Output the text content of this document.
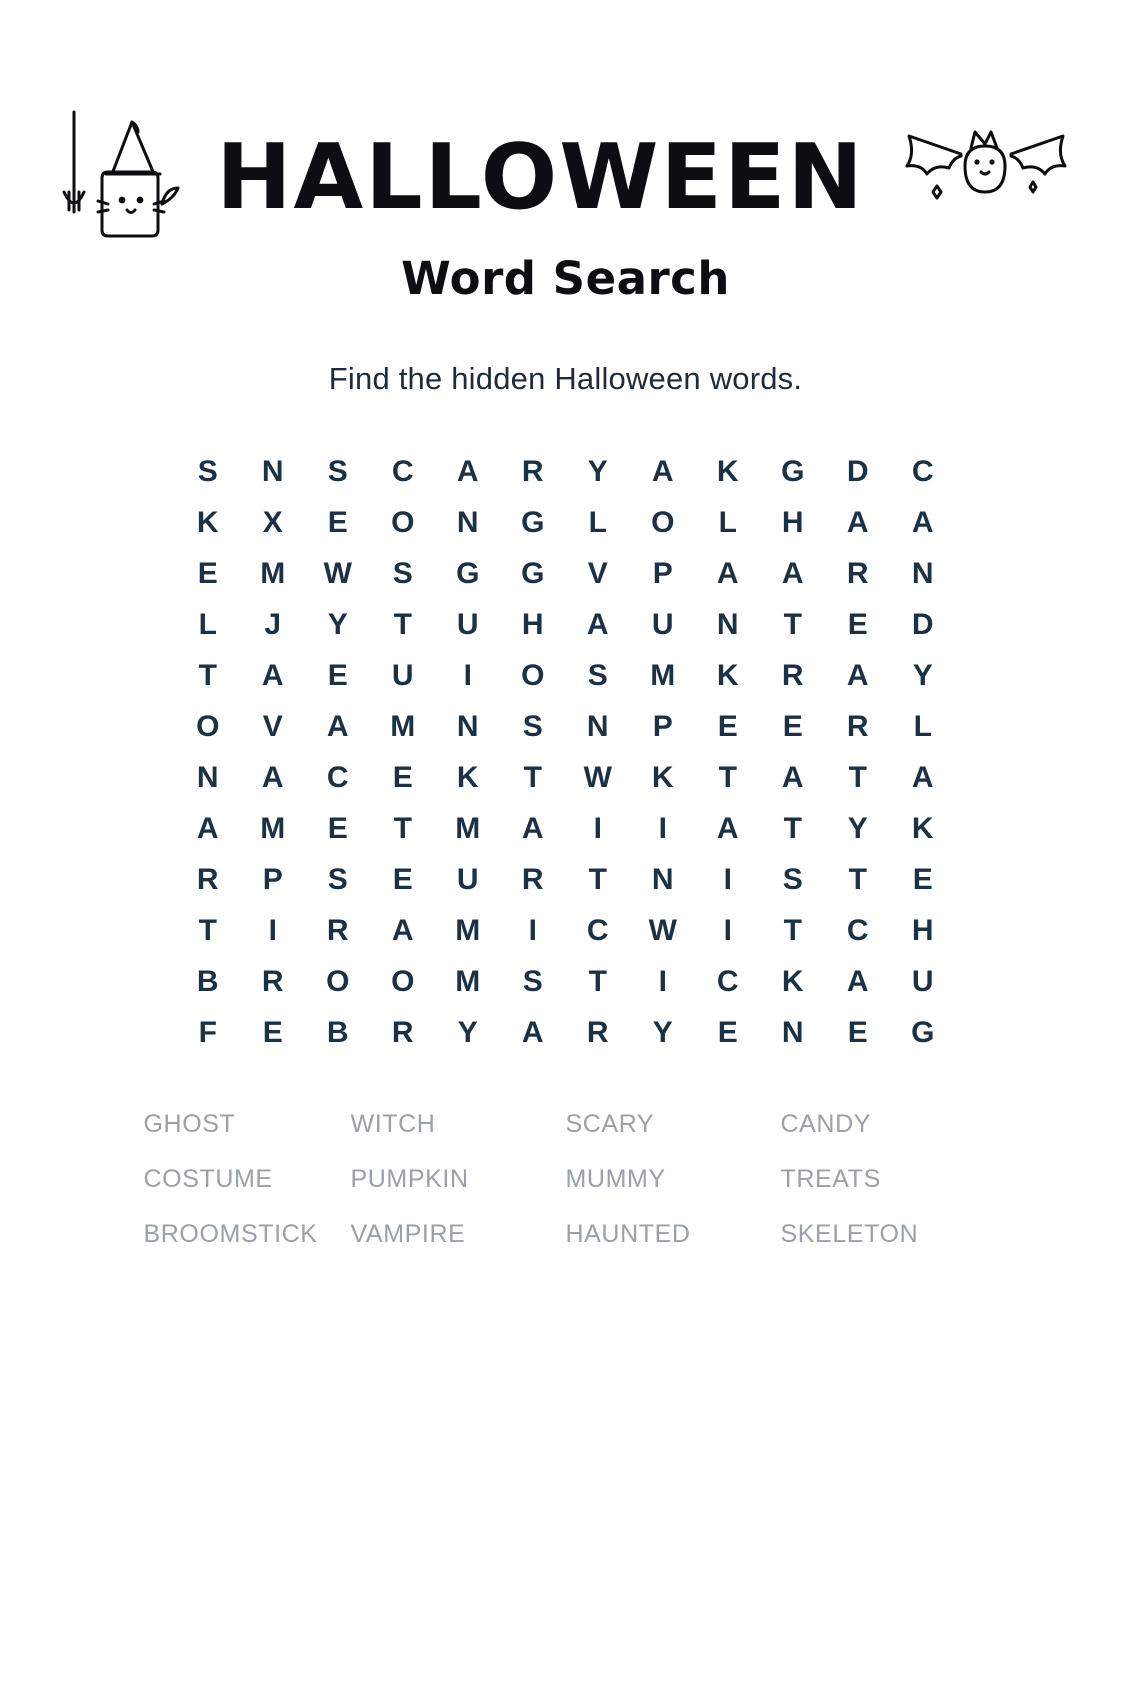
HALLOWEEN
Word Search

Find the hidden Halloween words.

S	N	S	C	A	R	Y	A	K	G	D	C
K	X	E	O	N	G	L	O	L	H	A	A
E	M	W	S	G	G	V	P	A	A	R	N
L	J	Y	T	U	H	A	U	N	T	E	D
T	A	E	U	I	O	S	M	K	R	A	Y
O	V	A	M	N	S	N	P	E	E	R	L
N	A	C	E	K	T	W	K	T	A	T	A
A	M	E	T	M	A	I	I	A	T	Y	K
R	P	S	E	U	R	T	N	I	S	T	E
T	I	R	A	M	I	C	W	I	T	C	H
B	R	O	O	M	S	T	I	C	K	A	U
F	E	B	R	Y	A	R	Y	E	N	E	G
GHOST	WITCH	SCARY	CANDY
COSTUME	PUMPKIN	MUMMY	TREATS
BROOMSTICK	VAMPIRE	HAUNTED	SKELETON
